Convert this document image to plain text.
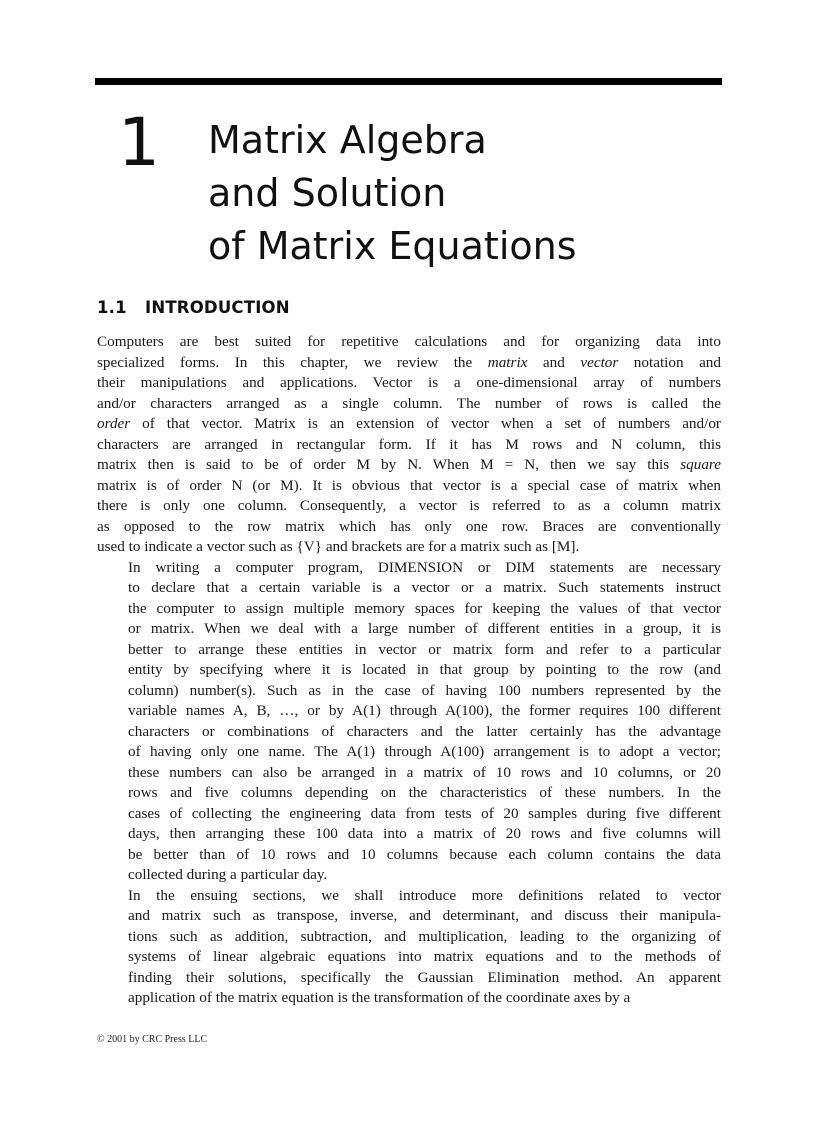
1 Matrix Algebra
and Solution
of Matrix Equations
1.1 INTRODUCTION

Computers are best suited for repetitive calculations and for organizing data into
specialized forms. In this chapter, we review the matrix and vector notation and
their manipulations and applications. Vector is a one-dimensional array of numbers
and/or characters arranged as a single column. The number of rows is called the
order of that vector. Matrix is an extension of vector when a set of numbers and/or
characters are arranged in rectangular form. If it has M rows and N column, this
matrix then is said to be of order M by N. When M = N, then we say this square
matrix is of order N (or M). It is obvious that vector is a special case of matrix when
there is only one column. Consequently, a vector is referred to as a column matrix
as opposed to the row matrix which has only one row. Braces are conventionally
used to indicate a vector such as {V} and brackets are for a matrix such as [M].

In writing a computer program, DIMENSION or DIM statements are necessary
to declare that a certain variable is a vector or a matrix. Such statements instruct
the computer to assign multiple memory spaces for keeping the values of that vector
or matrix. When we deal with a large number of different entities in a group, it is
better to arrange these entities in vector or matrix form and refer to a particular
entity by specifying where it is located in that group by pointing to the row (and
column) number(s). Such as in the case of having 100 numbers represented by the
variable names A, B, …, or by A(1) through A(100), the former requires 100 different
characters or combinations of characters and the latter certainly has the advantage
of having only one name. The A(1) through A(100) arrangement is to adopt a vector;
these numbers can also be arranged in a matrix of 10 rows and 10 columns, or 20
rows and five columns depending on the characteristics of these numbers. In the
cases of collecting the engineering data from tests of 20 samples during five different
days, then arranging these 100 data into a matrix of 20 rows and five columns will
be better than of 10 rows and 10 columns because each column contains the data
collected during a particular day.

In the ensuing sections, we shall introduce more definitions related to vector
and matrix such as transpose, inverse, and determinant, and discuss their manipula-
tions such as addition, subtraction, and multiplication, leading to the organizing of
systems of linear algebraic equations into matrix equations and to the methods of
finding their solutions, specifically the Gaussian Elimination method. An apparent
application of the matrix equation is the transformation of the coordinate axes by a

© 2001 by CRC Press LLC
